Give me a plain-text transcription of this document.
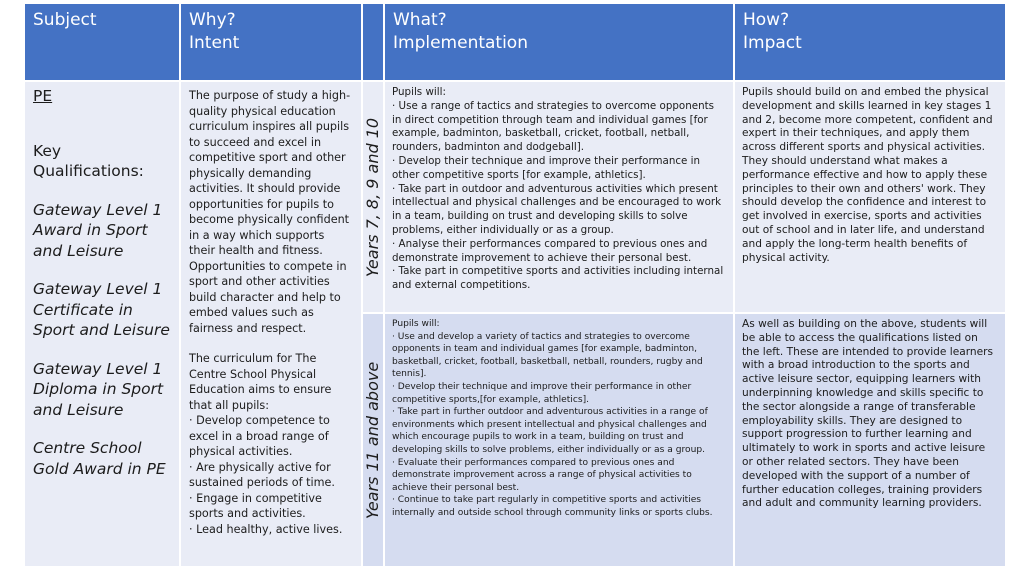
Subject	Why?
Intent
What?
Implementation
How?
Impact
PE
Key
Qualifications:
Gateway Level 1 Award in Sport and Leisure
Gateway Level 1 Certificate in Sport and Leisure
Gateway Level 1 Diploma in Sport and Leisure
Centre School Gold Award in PE

The purpose of study a high-quality physical education curriculum inspires all pupils to succeed and excel in competitive sport and other physically demanding activities. It should provide opportunities for pupils to become physically confident in a way which supports their health and fitness. Opportunities to compete in sport and other activities build character and help to embed values such as fairness and respect.

The curriculum for The Centre School Physical Education aims to ensure that all pupils:

· Develop competence to excel in a broad range of physical activities.
· Are physically active for sustained periods of time.
· Engage in competitive sports and activities.
· Lead healthy, active lives.
Years 7, 8, 9 and 10
Pupils will:
· Use a range of tactics and strategies to overcome opponents in direct competition through team and individual games [for example, badminton, basketball, cricket, football, netball, rounders, badminton and dodgeball].
· Develop their technique and improve their performance in other competitive sports [for example, athletics].
· Take part in outdoor and adventurous activities which present intellectual and physical challenges and be encouraged to work in a team, building on trust and developing skills to solve problems, either individually or as a group.
· Analyse their performances compared to previous ones and demonstrate improvement to achieve their personal best.
· Take part in competitive sports and activities including internal and external competitions.
Pupils should build on and embed the physical development and skills learned in key stages 1 and 2, become more competent, confident and expert in their techniques, and apply them across different sports and physical activities. They should understand what makes a performance effective and how to apply these principles to their own and others' work. They should develop the confidence and interest to get involved in exercise, sports and activities out of school and in later life, and understand and apply the long-term health benefits of physical activity.
Years 11 and above
Pupils will:
· Use and develop a variety of tactics and strategies to overcome opponents in team and individual games [for example, badminton, basketball, cricket, football, basketball, netball, rounders, rugby and tennis].
· Develop their technique and improve their performance in other competitive sports,[for example, athletics].
· Take part in further outdoor and adventurous activities in a range of environments which present intellectual and physical challenges and which encourage pupils to work in a team, building on trust and developing skills to solve problems, either individually or as a group.
· Evaluate their performances compared to previous ones and demonstrate improvement across a range of physical activities to achieve their personal best.
· Continue to take part regularly in competitive sports and activities internally and outside school through community links or sports clubs.
As well as building on the above, students will be able to access the qualifications listed on the left. These are intended to provide learners with a broad introduction to the sports and active leisure sector, equipping learners with underpinning knowledge and skills specific to the sector alongside a range of transferable employability skills. They are designed to support progression to further learning and ultimately to work in sports and active leisure or other related sectors. They have been developed with the support of a number of further education colleges, training providers and adult and community learning providers.
